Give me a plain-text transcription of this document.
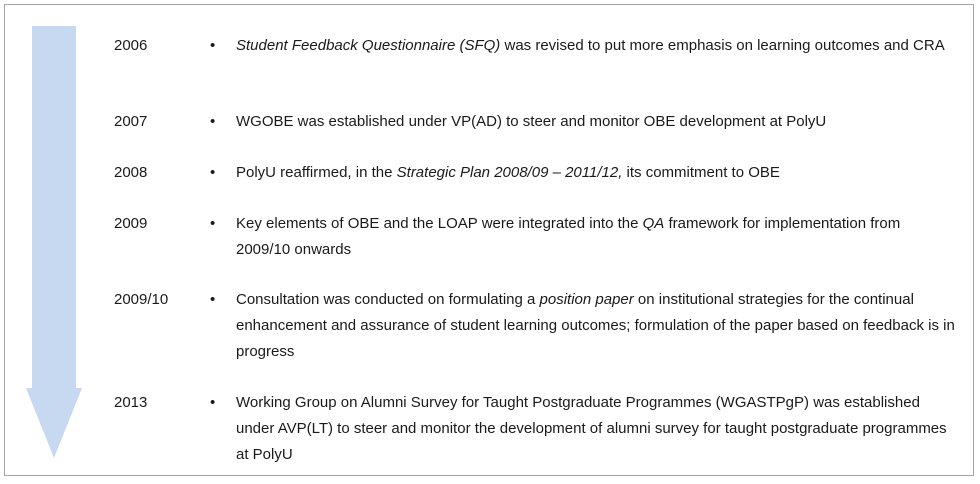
2006	• Student Feedback Questionnaire (SFQ) was revised to put more emphasis on learning outcomes and CRA
2007	• WGOBE was established under VP(AD) to steer and monitor OBE development at PolyU
2008	• PolyU reaffirmed, in the Strategic Plan 2008/09 – 2011/12, its commitment to OBE
2009	• Key elements of OBE and the LOAP were integrated into the QA framework for implementation from 2009/10 onwards
2009/10	• Consultation was conducted on formulating a position paper on institutional strategies for the continual enhancement and assurance of student learning outcomes; formulation of the paper based on feedback is in progress
2013	• Working Group on Alumni Survey for Taught Postgraduate Programmes (WGASTPgP) was established under AVP(LT) to steer and monitor the development of alumni survey for taught postgraduate programmes at PolyU
